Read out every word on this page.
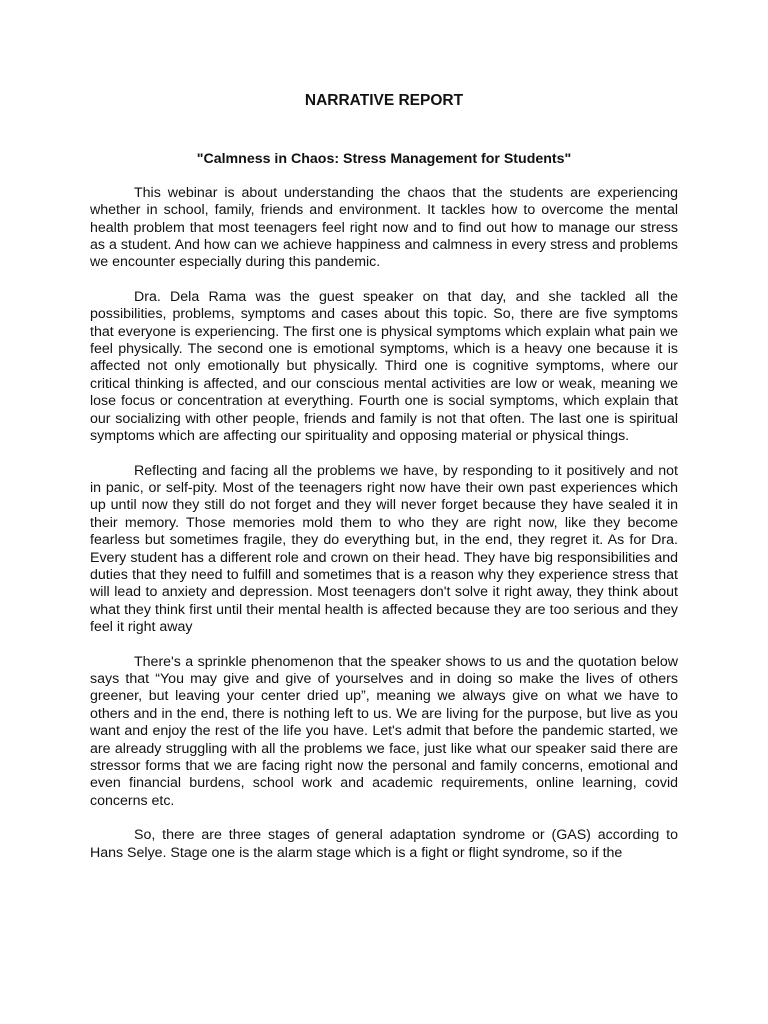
NARRATIVE REPORT
"Calmness in Chaos: Stress Management for Students"

This webinar is about understanding the chaos that the students are experiencing whether in school, family, friends and environment. It tackles how to overcome the mental health problem that most teenagers feel right now and to find out how to manage our stress as a student. And how can we achieve happiness and calmness in every stress and problems we encounter especially during this pandemic.

Dra. Dela Rama was the guest speaker on that day, and she tackled all the possibilities, problems, symptoms and cases about this topic. So, there are five symptoms that everyone is experiencing. The first one is physical symptoms which explain what pain we feel physically. The second one is emotional symptoms, which is a heavy one because it is affected not only emotionally but physically. Third one is cognitive symptoms, where our critical thinking is affected, and our conscious mental activities are low or weak, meaning we lose focus or concentration at everything. Fourth one is social symptoms, which explain that our socializing with other people, friends and family is not that often. The last one is spiritual symptoms which are affecting our spirituality and opposing material or physical things.

Reflecting and facing all the problems we have, by responding to it positively and not in panic, or self-pity. Most of the teenagers right now have their own past experiences which up until now they still do not forget and they will never forget because they have sealed it in their memory. Those memories mold them to who they are right now, like they become fearless but sometimes fragile, they do everything but, in the end, they regret it. As for Dra. Every student has a different role and crown on their head. They have big responsibilities and duties that they need to fulfill and sometimes that is a reason why they experience stress that will lead to anxiety and depression. Most teenagers don't solve it right away, they think about what they think first until their mental health is affected because they are too serious and they feel it right away

There's a sprinkle phenomenon that the speaker shows to us and the quotation below says that “You may give and give of yourselves and in doing so make the lives of others greener, but leaving your center dried up”, meaning we always give on what we have to others and in the end, there is nothing left to us. We are living for the purpose, but live as you want and enjoy the rest of the life you have. Let's admit that before the pandemic started, we are already struggling with all the problems we face, just like what our speaker said there are stressor forms that we are facing right now the personal and family concerns, emotional and even financial burdens, school work and academic requirements, online learning, covid concerns etc.

So, there are three stages of general adaptation syndrome or (GAS) according to Hans Selye. Stage one is the alarm stage which is a fight or flight syndrome, so if the
